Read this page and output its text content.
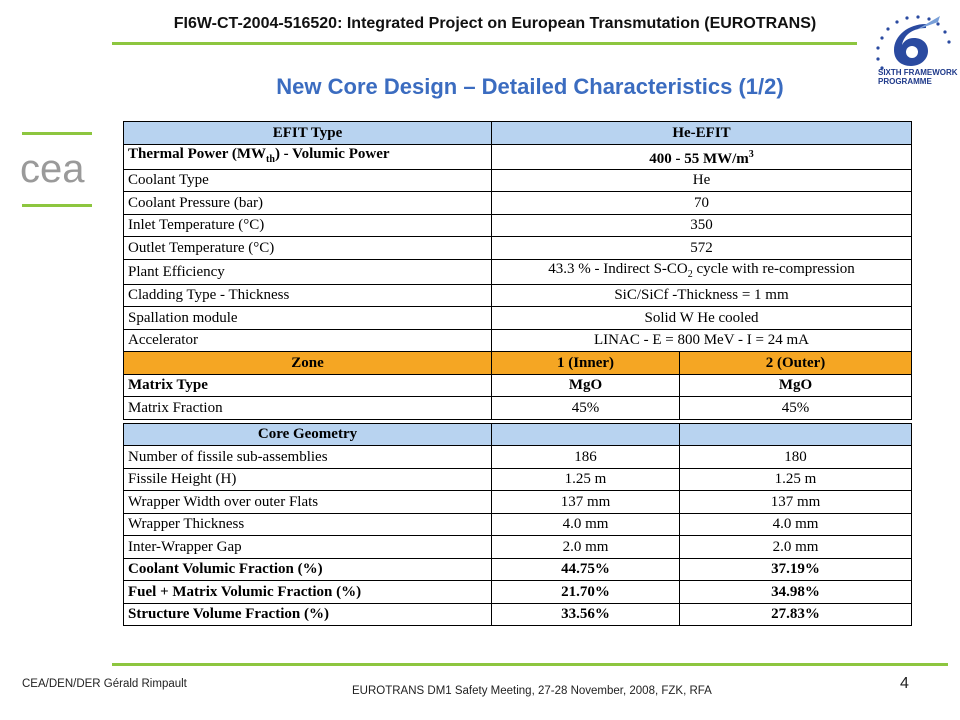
FI6W-CT-2004-516520: Integrated Project on European Transmutation (EUROTRANS)
SIXTH FRAMEWORK
PROGRAMME
New Core Design – Detailed Characteristics (1/2)
cea
EFIT Type	He-EFIT	
Thermal Power $(MW_{th})$ - Volumic Power	400 - 55 $MW/m^3$
Coolant Type	He	
Coolant Pressure (bar)	70	
Inlet Temperature (°C)	350	
Outlet Temperature (°C)	572	
Plant Efficiency	43.3 % - Indirect $S-CO_2$ cycle with re-compression	
Cladding Type - Thickness	SiC/SiCf -Thickness = 1 mm	
Spallation module	Solid W He cooled	
Accelerator	LINAC - E = 800 MeV - I = 24 mA	
Zone	1 (Inner)	2 (Outer)
Matrix Type	MgO	MgO
Matrix Fraction	45%	45%

Core Geometry		
Number of fissile sub-assemblies	186	180
Fissile Height (H)	1.25 m	1.25 m
Wrapper Width over outer Flats	137 mm	137 mm
Wrapper Thickness	4.0 mm	4.0 mm
Inter-Wrapper Gap	2.0 mm	2.0 mm
Coolant Volumic Fraction (%)	44.75%	37.19%
Fuel + Matrix Volumic Fraction (%)	21.70%	34.98%
Structure Volume Fraction (%)	33.56%	27.83%
CEA/DEN/DER Gérald Rimpault
EUROTRANS DM1 Safety Meeting, 27-28 November, 2008, FZK, RFA	4
